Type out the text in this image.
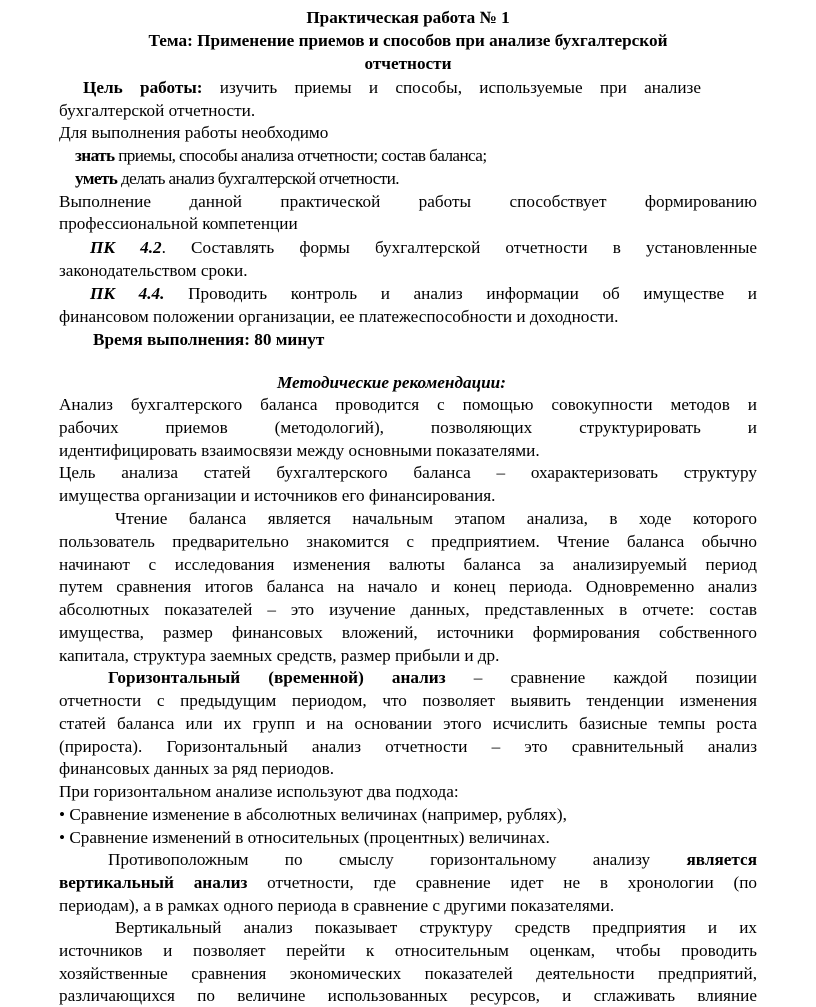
Практическая работа № 1
Тема: Применение приемов и способов при анализе бухгалтерской
отчетности
Цель работы: изучить приемы и способы, используемые при анализе
бухгалтерской отчетности.
Для выполнения работы необходимо
знать приемы, способы анализа отчетности; состав баланса;
уметь делать анализ бухгалтерской отчетности.
Выполнение данной практической работы способствует формированию
профессиональной компетенции
ПК 4.2. Составлять формы бухгалтерской отчетности в установленные
законодательством сроки.
ПК 4.4. Проводить контроль и анализ информации об имуществе и
финансовом положении организации, ее платежеспособности и доходности.
Время выполнения: 80 минут
Методические рекомендации:
Анализ бухгалтерского баланса проводится с помощью совокупности методов и
рабочих приемов (методологий), позволяющих структурировать и
идентифицировать взаимосвязи между основными показателями.
Цель анализа статей бухгалтерского баланса – охарактеризовать структуру
имущества организации и источников его финансирования.
Чтение баланса является начальным этапом анализа, в ходе которого
пользователь предварительно знакомится с предприятием. Чтение баланса обычно
начинают с исследования изменения валюты баланса за анализируемый период
путем сравнения итогов баланса на начало и конец периода. Одновременно анализ
абсолютных показателей – это изучение данных, представленных в отчете: состав
имущества, размер финансовых вложений, источники формирования собственного
капитала, структура заемных средств, размер прибыли и др.
Горизонтальный (временной) анализ – сравнение каждой позиции
отчетности с предыдущим периодом, что позволяет выявить тенденции изменения
статей баланса или их групп и на основании этого исчислить базисные темпы роста
(прироста). Горизонтальный анализ отчетности – это сравнительный анализ
финансовых данных за ряд периодов.
При горизонтальном анализе используют два подхода:
• Сравнение изменение в абсолютных величинах (например, рублях),
• Сравнение изменений в относительных (процентных) величинах.
Противоположным по смыслу горизонтальному анализу является
вертикальный анализ отчетности, где сравнение идет не в хронологии (по
периодам), а в рамках одного периода в сравнение с другими показателями.
Вертикальный анализ показывает структуру средств предприятия и их
источников и позволяет перейти к относительным оценкам, чтобы проводить
хозяйственные сравнения экономических показателей деятельности предприятий,
различающихся по величине использованных ресурсов, и сглаживать влияние
